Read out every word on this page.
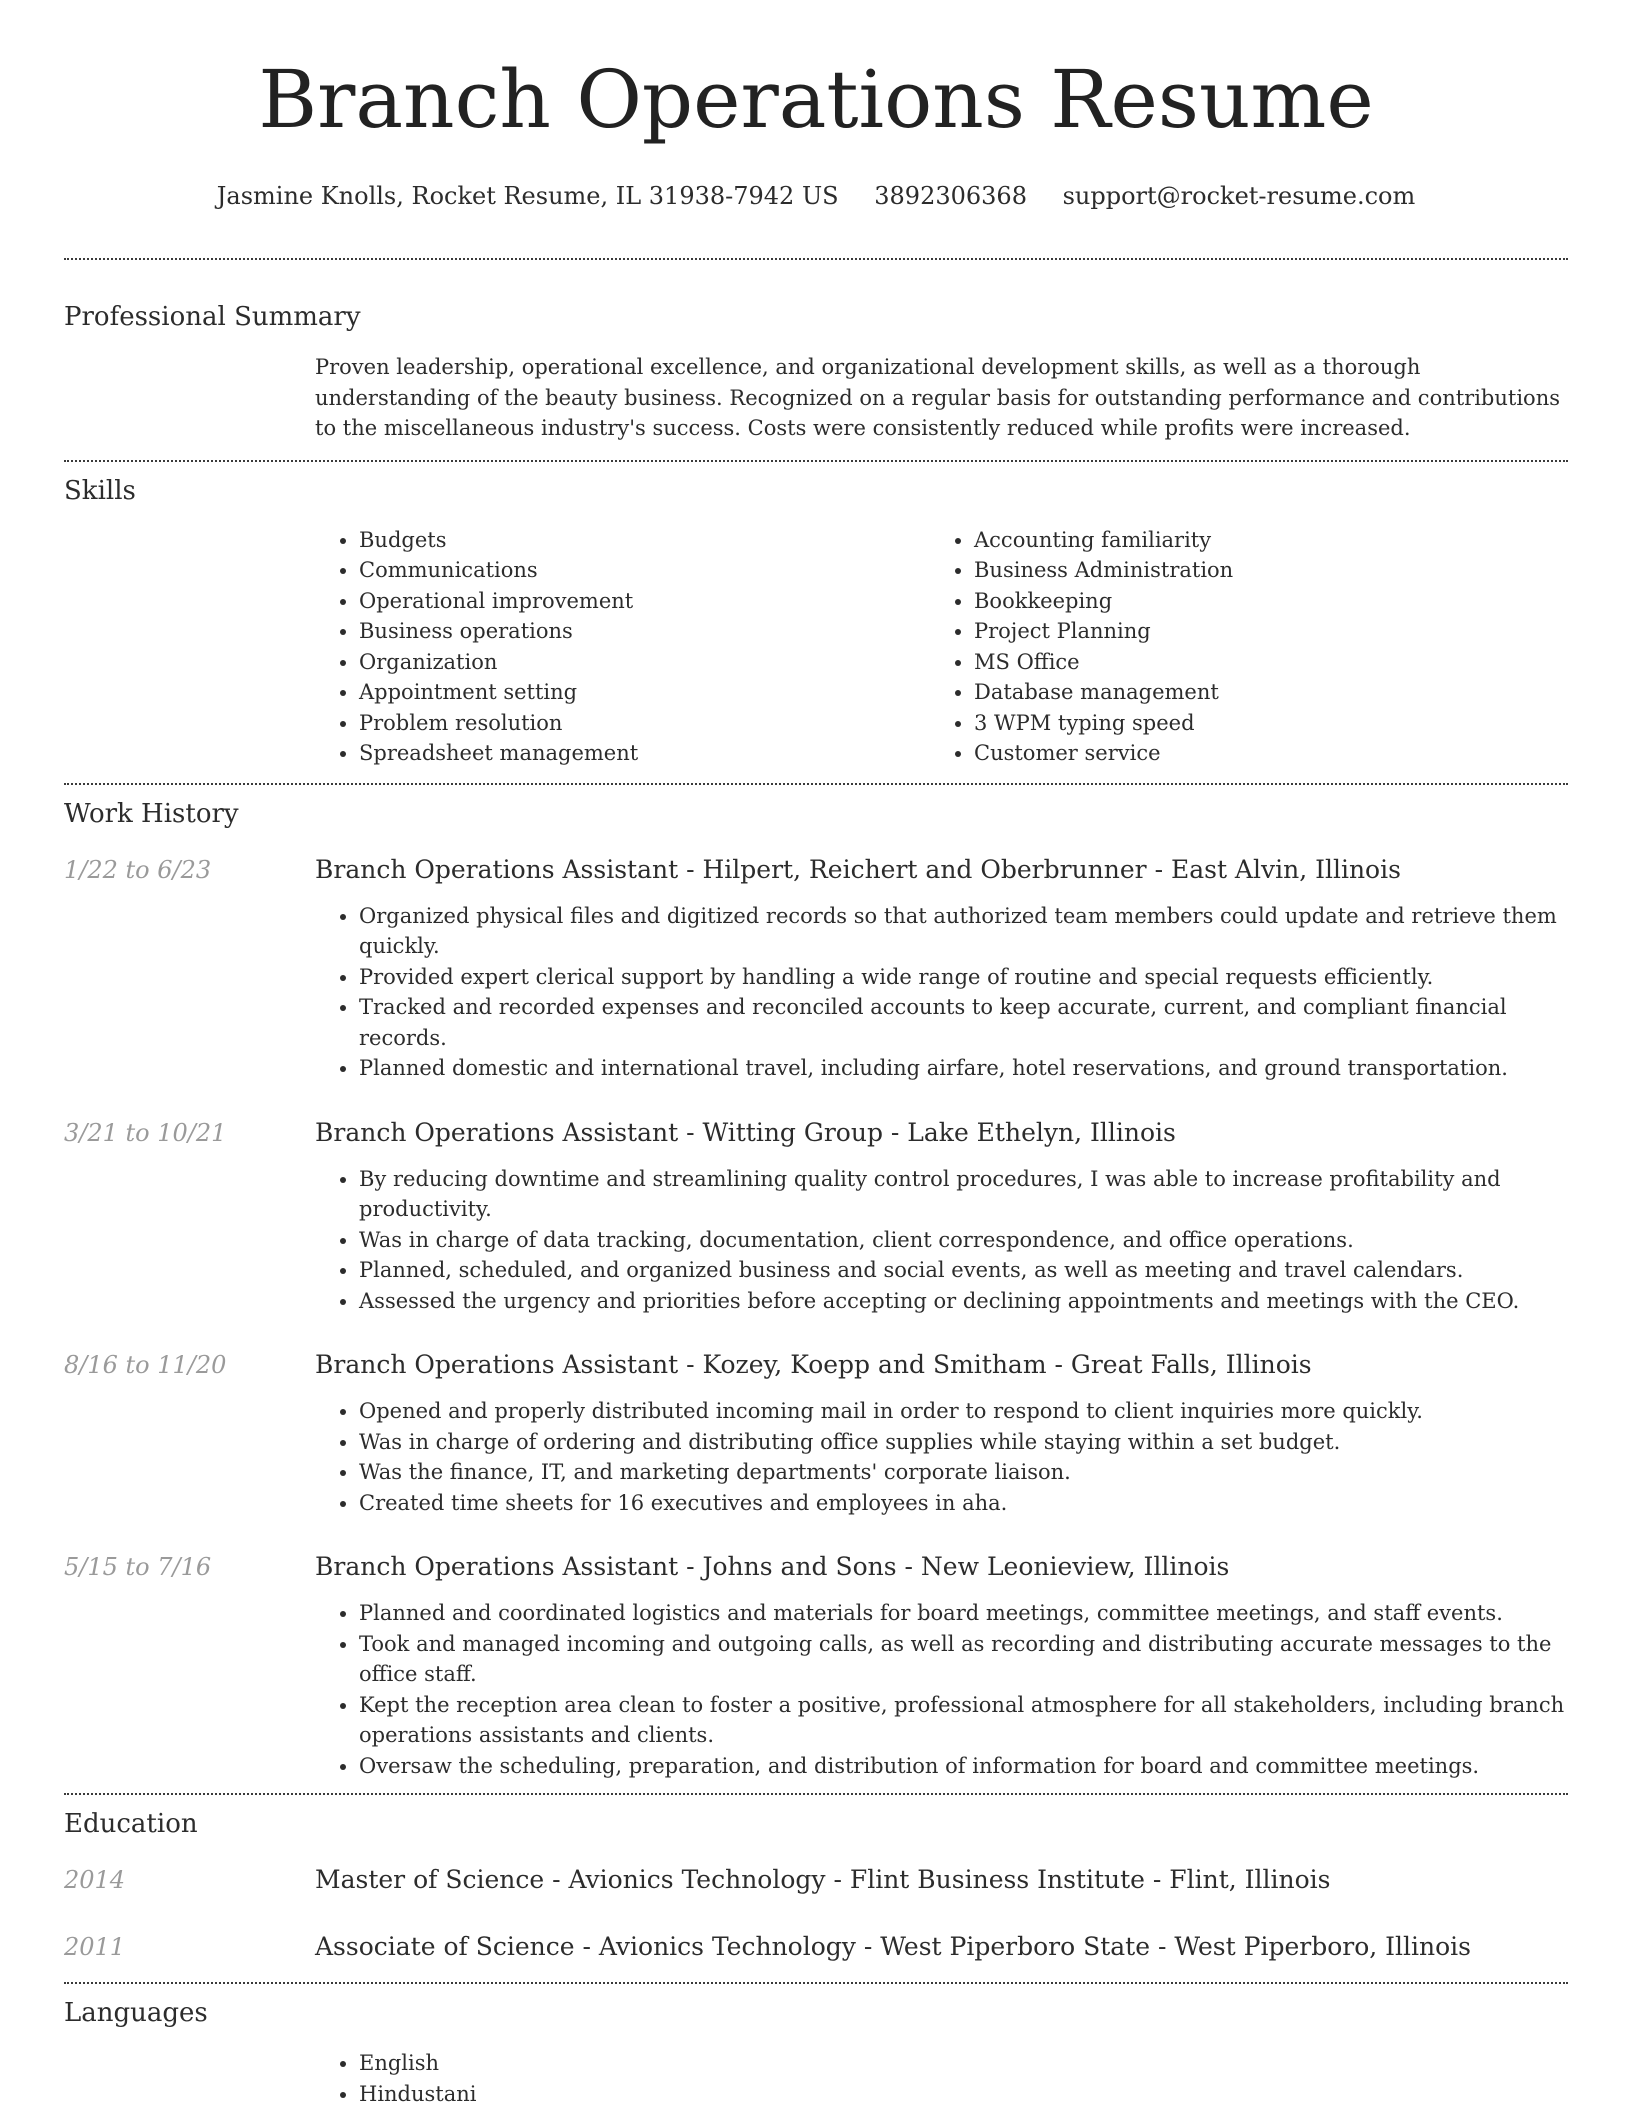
Branch Operations Resume
Jasmine Knolls, Rocket Resume, IL 31938-7942 US 3892306368 support@rocket-resume.com
Professional Summary

Proven leadership, operational excellence, and organizational development skills, as well as a thorough understanding of the beauty business. Recognized on a regular basis for outstanding performance and contributions to the miscellaneous industry's success. Costs were consistently reduced while profits were increased.

Skills
• Budgets
• Communications
• Operational improvement
• Business operations
• Organization
• Appointment setting
• Problem resolution
• Spreadsheet management
• Accounting familiarity
• Business Administration
• Bookkeeping
• Project Planning
• MS Office
• Database management
• 3 WPM typing speed
• Customer service
Work History
1/22 to 6/23	Branch Operations Assistant - Hilpert, Reichert and Oberbrunner - East Alvin, Illinois
• Organized physical files and digitized records so that authorized team members could update and retrieve them quickly.
• Provided expert clerical support by handling a wide range of routine and special requests efficiently.
• Tracked and recorded expenses and reconciled accounts to keep accurate, current, and compliant financial records.
• Planned domestic and international travel, including airfare, hotel reservations, and ground transportation.
3/21 to 10/21	Branch Operations Assistant - Witting Group - Lake Ethelyn, Illinois
• By reducing downtime and streamlining quality control procedures, I was able to increase profitability and productivity.
• Was in charge of data tracking, documentation, client correspondence, and office operations.
• Planned, scheduled, and organized business and social events, as well as meeting and travel calendars.
• Assessed the urgency and priorities before accepting or declining appointments and meetings with the CEO.
8/16 to 11/20	Branch Operations Assistant - Kozey, Koepp and Smitham - Great Falls, Illinois
• Opened and properly distributed incoming mail in order to respond to client inquiries more quickly.
• Was in charge of ordering and distributing office supplies while staying within a set budget.
• Was the finance, IT, and marketing departments' corporate liaison.
• Created time sheets for 16 executives and employees in aha.
5/15 to 7/16	Branch Operations Assistant - Johns and Sons - New Leonieview, Illinois
• Planned and coordinated logistics and materials for board meetings, committee meetings, and staff events.
• Took and managed incoming and outgoing calls, as well as recording and distributing accurate messages to the office staff.
• Kept the reception area clean to foster a positive, professional atmosphere for all stakeholders, including branch operations assistants and clients.
• Oversaw the scheduling, preparation, and distribution of information for board and committee meetings.
Education
2014	Master of Science - Avionics Technology - Flint Business Institute - Flint, Illinois
2011	Associate of Science - Avionics Technology - West Piperboro State - West Piperboro, Illinois
Languages
• English
• Hindustani
